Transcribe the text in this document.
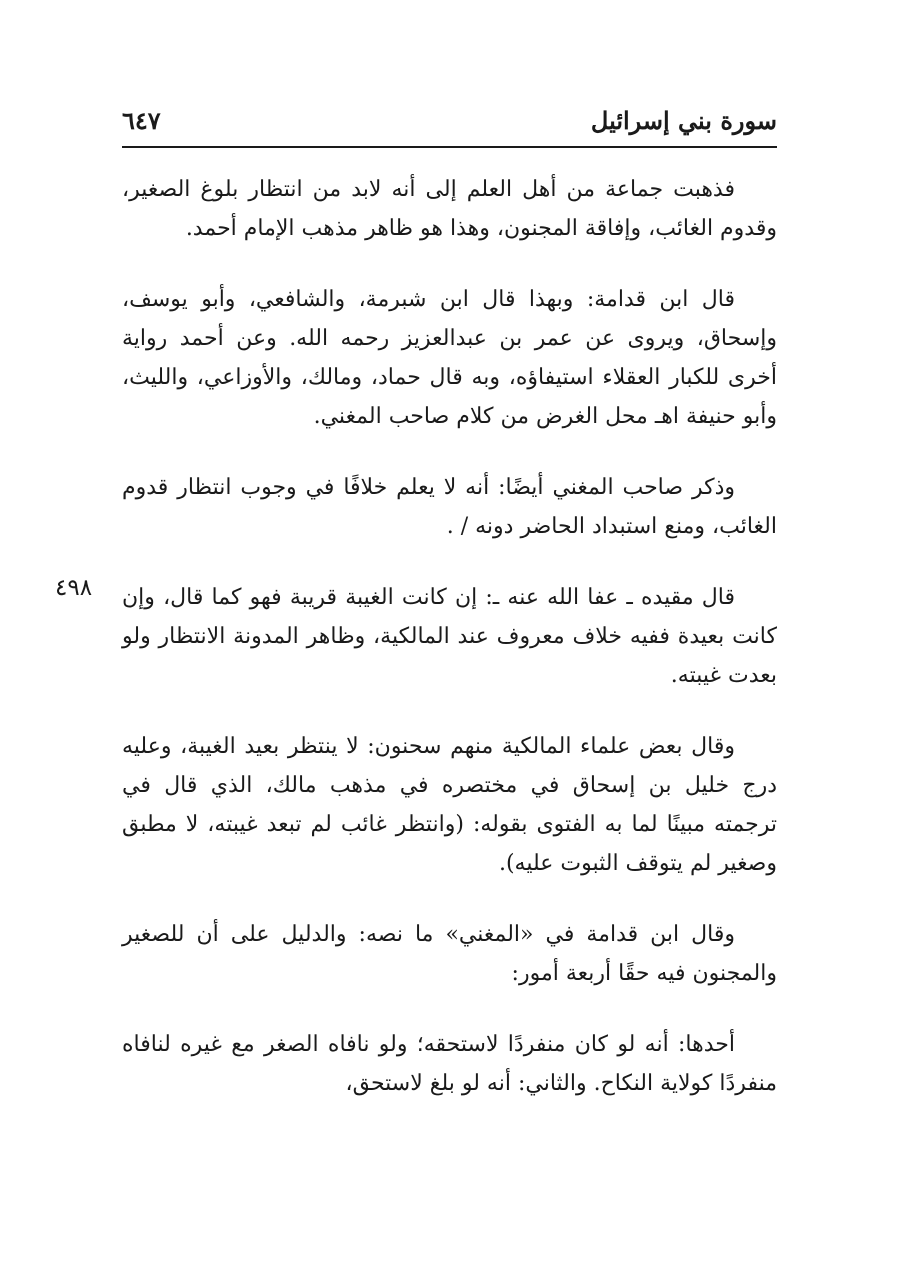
سورة بني إسرائيل
٦٤٧
٤٩٨

فذهبت جماعة من أهل العلم إلى أنه لابد من انتظار بلوغ الصغير، وقدوم الغائب، وإفاقة المجنون، وهذا هو ظاهر مذهب الإمام أحمد.

قال ابن قدامة: وبهذا قال ابن شبرمة، والشافعي، وأبو يوسف، وإسحاق، ويروى عن عمر بن عبدالعزيز رحمه الله. وعن أحمد رواية أخرى للكبار العقلاء استيفاؤه، وبه قال حماد، ومالك، والأوزاعي، والليث، وأبو حنيفة اهـ محل الغرض من كلام صاحب المغني.

وذكر صاحب المغني أيضًا: أنه لا يعلم خلافًا في وجوب انتظار قدوم الغائب، ومنع استبداد الحاضر دونه / .

قال مقيده ـ عفا الله عنه ـ: إن كانت الغيبة قريبة فهو كما قال، وإن كانت بعيدة ففيه خلاف معروف عند المالكية، وظاهر المدونة الانتظار ولو بعدت غيبته.

وقال بعض علماء المالكية منهم سحنون: لا ينتظر بعيد الغيبة، وعليه درج خليل بن إسحاق في مختصره في مذهب مالك، الذي قال في ترجمته مبينًا لما به الفتوى بقوله: (وانتظر غائب لم تبعد غيبته، لا مطبق وصغير لم يتوقف الثبوت عليه).

وقال ابن قدامة في «المغني» ما نصه: والدليل على أن للصغير والمجنون فيه حقًا أربعة أمور:

أحدها: أنه لو كان منفردًا لاستحقه؛ ولو نافاه الصغر مع غيره لنافاه منفردًا كولاية النكاح. والثاني: أنه لو بلغ لاستحق،
